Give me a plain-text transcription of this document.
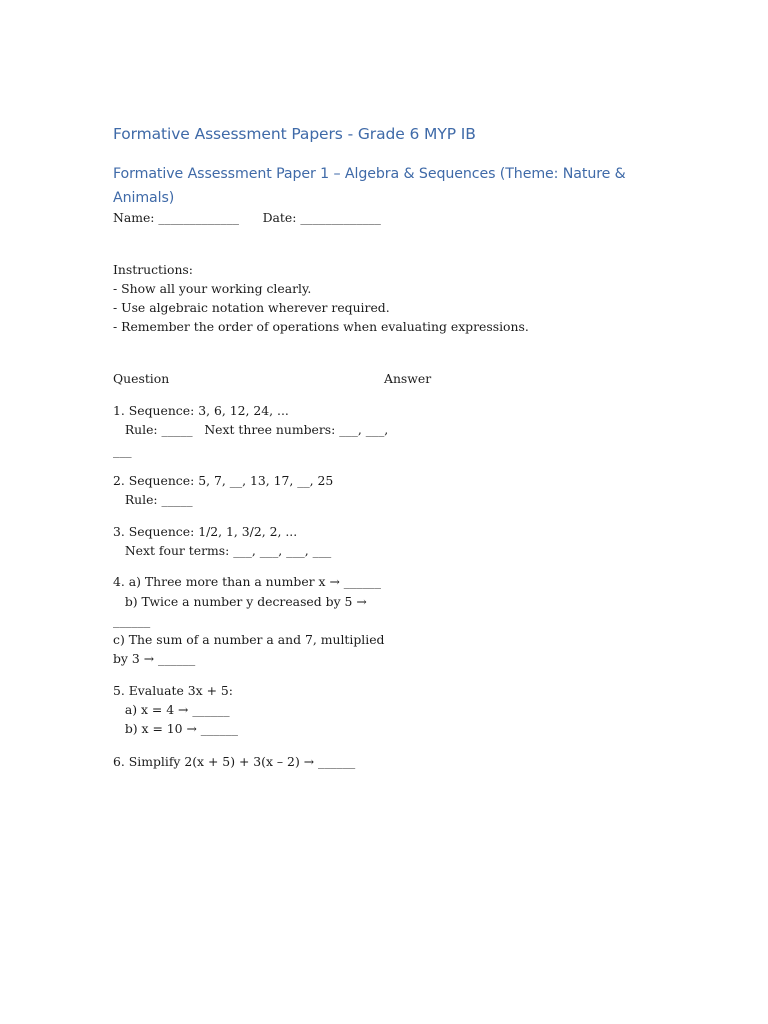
Formative Assessment Papers - Grade 6 MYP IB
Formative Assessment Paper 1 – Algebra & Sequences (Theme: Nature & Animals)
Name: _____________      Date: _____________
Instructions:
- Show all your working clearly.
- Use algebraic notation wherever required.
- Remember the order of operations when evaluating expressions.
Question	Answer
1. Sequence: 3, 6, 12, 24, ...
Rule: _____   Next three numbers: ___, ___,
___
2. Sequence: 5, 7, __, 13, 17, __, 25
Rule: _____
3. Sequence: 1/2, 1, 3/2, 2, ...
Next four terms: ___, ___, ___, ___
4. a) Three more than a number x → ______
b) Twice a number y decreased by 5 →
______
c) The sum of a number a and 7, multiplied
by 3 → ______
5. Evaluate 3x + 5:
a) x = 4 → ______
b) x = 10 → ______
6. Simplify 2(x + 5) + 3(x – 2) → ______
